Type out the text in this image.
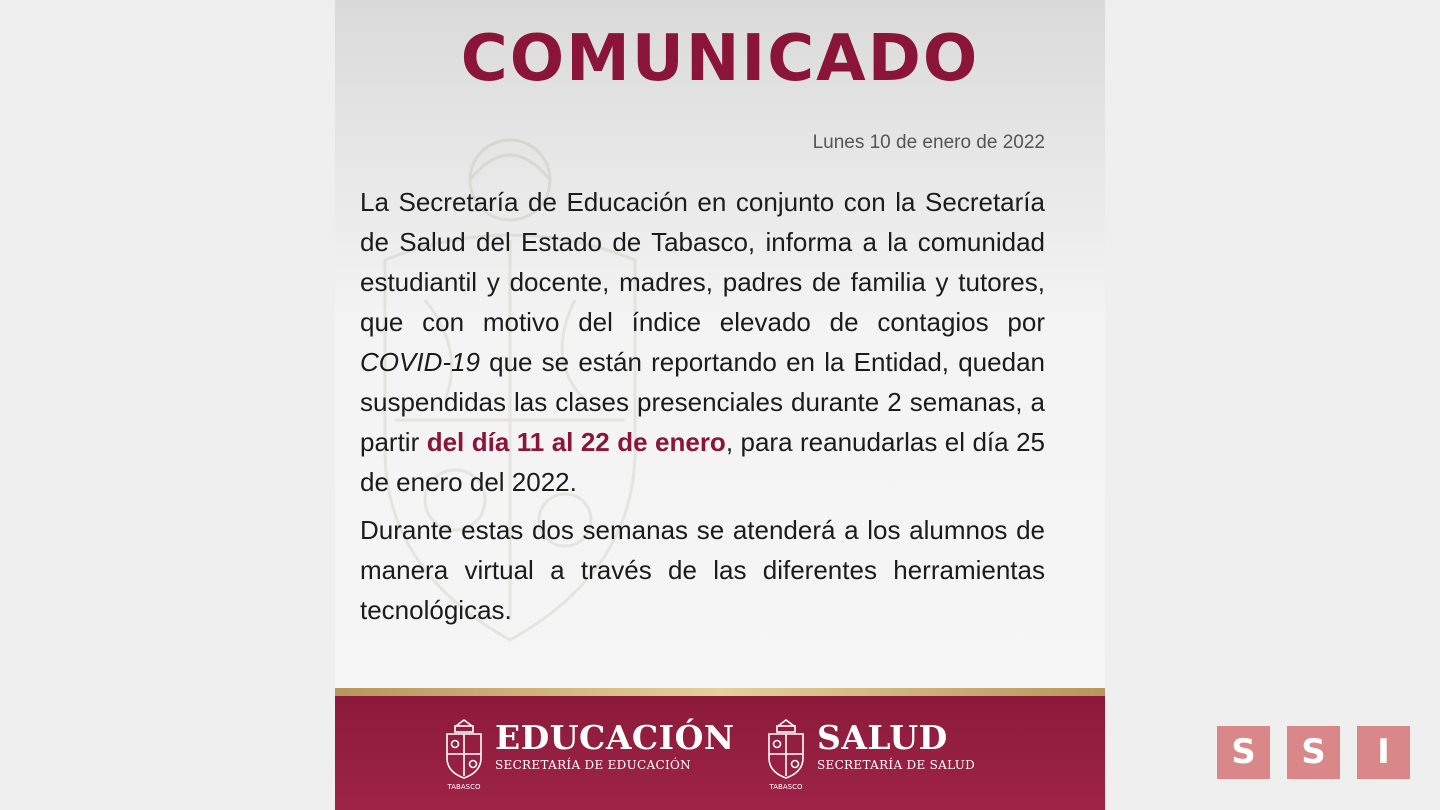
COMUNICADO
Lunes 10 de enero de 2022

La Secretaría de Educación en conjunto con la Secretaría de Salud del Estado de Tabasco, informa a la comunidad estudiantil y docente, madres, padres de familia y tutores, que con motivo del índice elevado de contagios por COVID-19 que se están reportando en la Entidad, quedan suspendidas las clases presenciales durante 2 semanas, a partir del día 11 al 22 de enero, para reanudarlas el día 25 de enero del 2022.

Durante estas dos semanas se atenderá a los alumnos de manera virtual a través de las diferentes herramientas tecnológicas.

TABASCO
EDUCACIÓN
SECRETARÍA DE EDUCACIÓN
TABASCO
SALUD
SECRETARÍA DE SALUD	S	S	I
